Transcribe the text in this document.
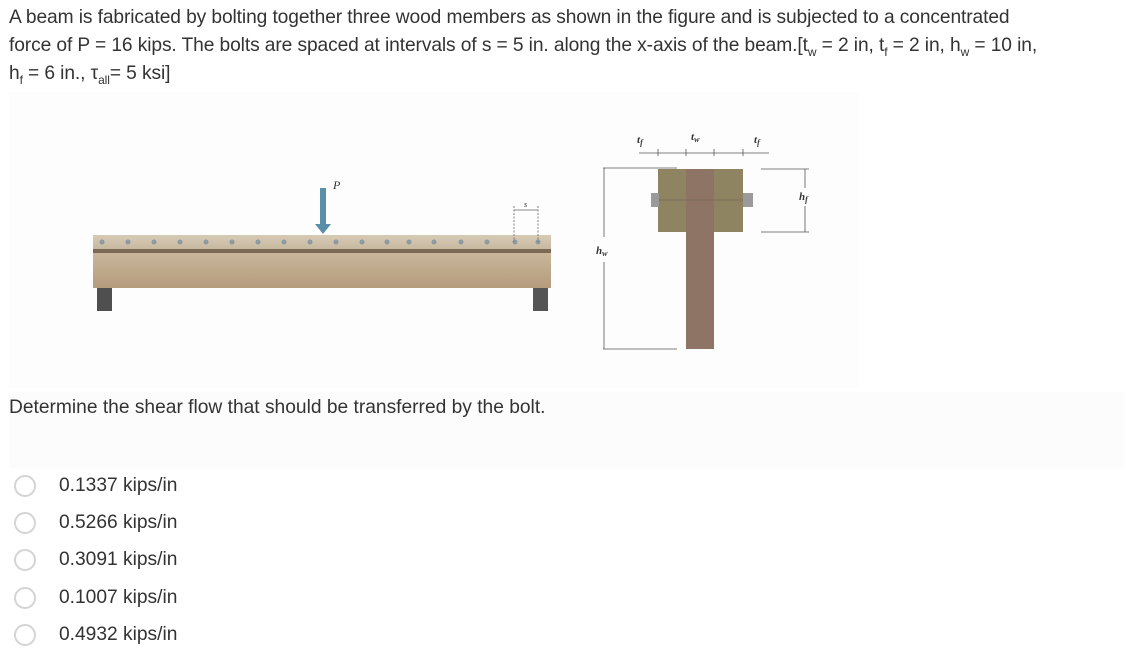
A beam is fabricated by bolting together three wood members as shown in the figure and is subjected to a concentrated
force of P = 16 kips. The bolts are spaced at intervals of s = 5 in. along the x-axis of the $beam.[t_w = 2$ in, $t_f = 2$ in, $h_w = 10$ in,
$h_f = 6$ in., $\tau_{all}= 5$ ksi]
P
s
hw
hf
tf	tw	tf
Determine the shear flow that should be transferred by the bolt.
0.1337 kips/in
0.5266 kips/in
0.3091 kips/in
0.1007 kips/in
0.4932 kips/in
